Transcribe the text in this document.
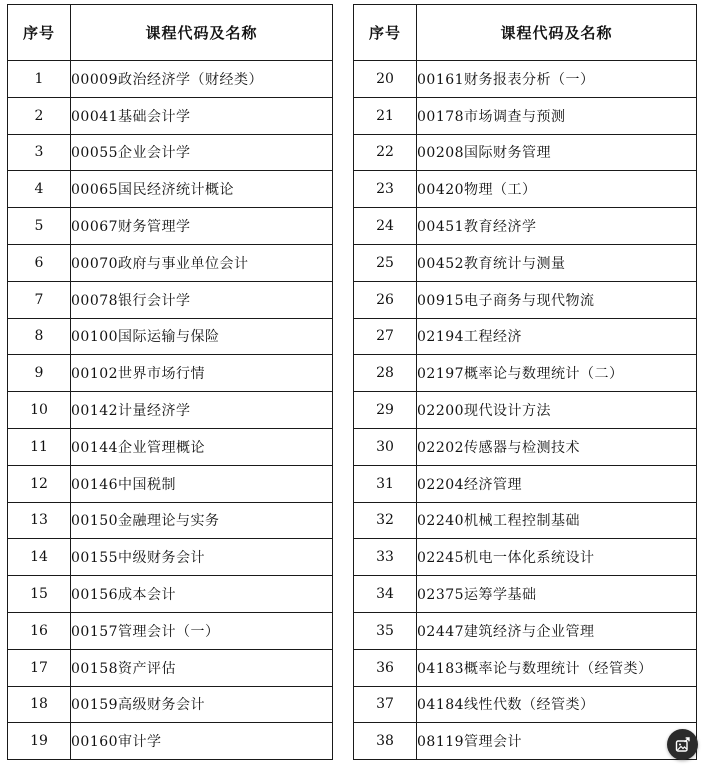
序号	课程代码及名称
1	00009政治经济学（财经类）
2	00041基础会计学
3	00055企业会计学
4	00065国民经济统计概论
5	00067财务管理学
6	00070政府与事业单位会计
7	00078银行会计学
8	00100国际运输与保险
9	00102世界市场行情
10	00142计量经济学
11	00144企业管理概论
12	00146中国税制
13	00150金融理论与实务
14	00155中级财务会计
15	00156成本会计
16	00157管理会计（一）
17	00158资产评估
18	00159高级财务会计
19	00160审计学
序号	课程代码及名称
20	00161财务报表分析（一）
21	00178市场调查与预测
22	00208国际财务管理
23	00420物理（工）
24	00451教育经济学
25	00452教育统计与测量
26	00915电子商务与现代物流
27	02194工程经济
28	02197概率论与数理统计（二）
29	02200现代设计方法
30	02202传感器与检测技术
31	02204经济管理
32	02240机械工程控制基础
33	02245机电一体化系统设计
34	02375运筹学基础
35	02447建筑经济与企业管理
36	04183概率论与数理统计（经管类）
37	04184线性代数（经管类）
38	08119管理会计
